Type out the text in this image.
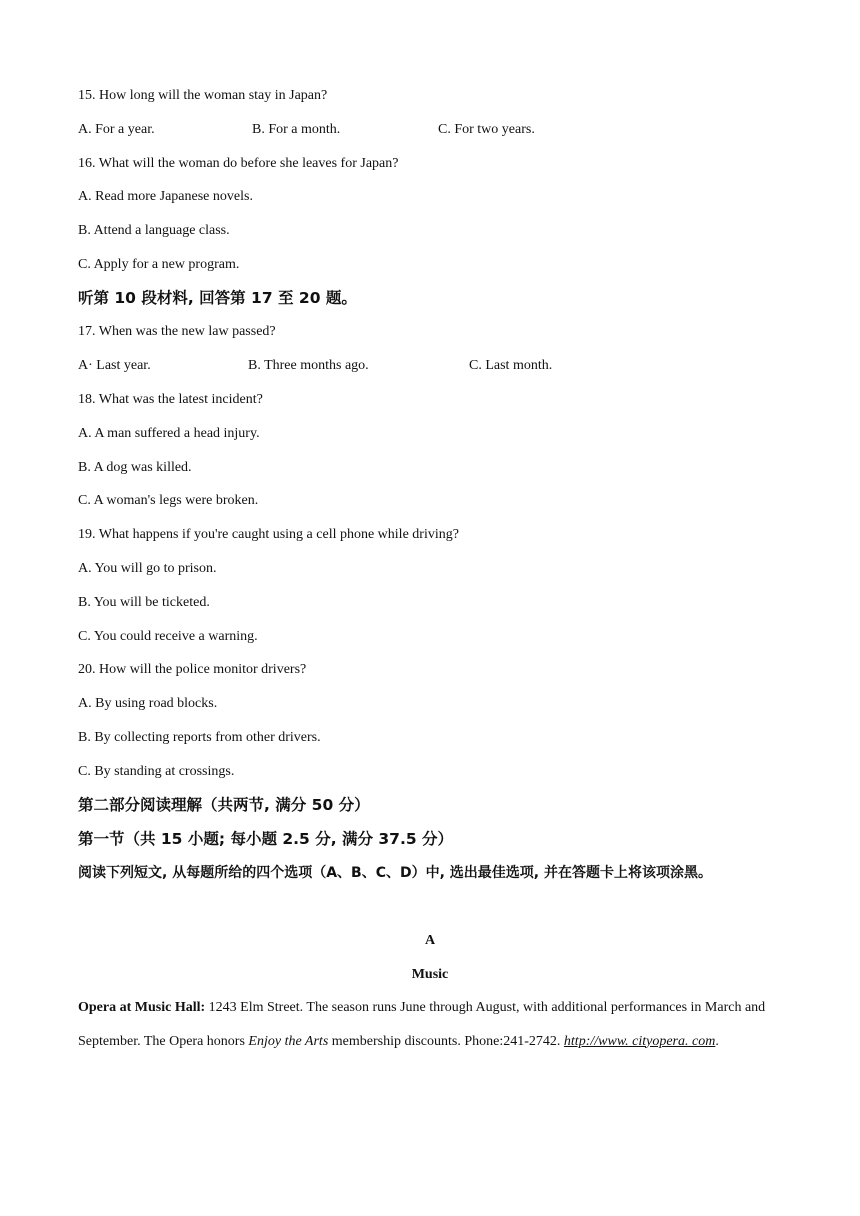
15. How long will the woman stay in Japan?
A. For a year.	B. For a month.	C. For two years.
16. What will the woman do before she leaves for Japan?
A. Read more Japanese novels.
B. Attend a language class.
C. Apply for a new program.
听第 10 段材料, 回答第 17 至 20 题。
17. When was the new law passed?
A· Last year.	B. Three months ago.	C. Last month.
18. What was the latest incident?
A. A man suffered a head injury.
B. A dog was killed.
C. A woman's legs were broken.
19. What happens if you're caught using a cell phone while driving?
A. You will go to prison.
B. You will be ticketed.
C. You could receive a warning.
20. How will the police monitor drivers?
A. By using road blocks.
B. By collecting reports from other drivers.
C. By standing at crossings.
第二部分阅读理解（共两节, 满分 50 分）
第一节（共 15 小题; 每小题 2.5 分, 满分 37.5 分）
阅读下列短文, 从每题所给的四个选项（A、B、C、D）中, 选出最佳选项, 并在答题卡上将该项涂黑。
A
Music
Opera at Music Hall: 1243 Elm Street. The season runs June through August, with additional performances in March and September. The Opera honors Enjoy the Arts membership discounts. Phone:241-2742. http://www. cityopera. com.
